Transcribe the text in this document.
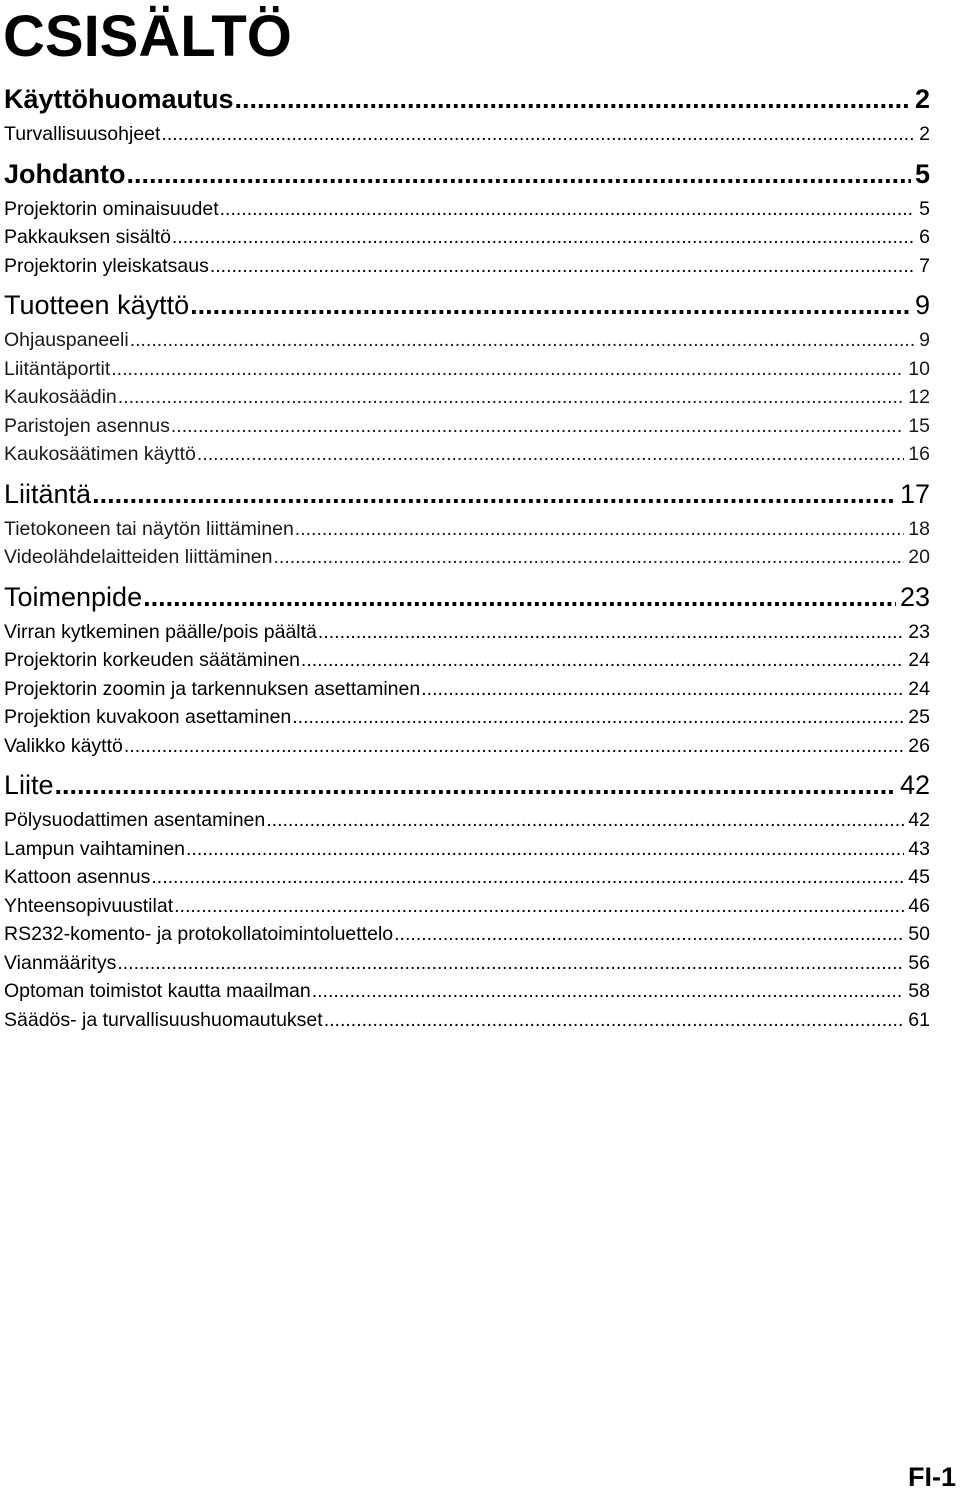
CSISÄLTÖ
Käyttöhuomautus .....	2
Turvallisuusohjeet .....	2
Johdanto .....	5
Projektorin ominaisuudet .....	5
Pakkauksen sisältö .....	6
Projektorin yleiskatsaus .....	7
Tuotteen käyttö .....	9
Ohjauspaneeli .....	9
Liitäntäportit .....	10
Kaukosäädin .....	12
Paristojen asennus .....	15
Kaukosäätimen käyttö .....	16
Liitäntä .....	17
Tietokoneen tai näytön liittäminen .....	18
Videolähdelaitteiden liittäminen .....	20
Toimenpide .....	23
Virran kytkeminen päälle/pois päältä .....	23
Projektorin korkeuden säätäminen .....	24
Projektorin zoomin ja tarkennuksen asettaminen .....	24
Projektion kuvakoon asettaminen .....	25
Valikko käyttö .....	26
Liite .....	42
Pölysuodattimen asentaminen .....	42
Lampun vaihtaminen .....	43
Kattoon asennus .....	45
Yhteensopivuustilat .....	46
RS232-komento- ja protokollatoimintoluettelo .....	50
Vianmääritys .....	56
Optoman toimistot kautta maailman .....	58
Säädös- ja turvallisuushuomautukset .....	61
FI-1
